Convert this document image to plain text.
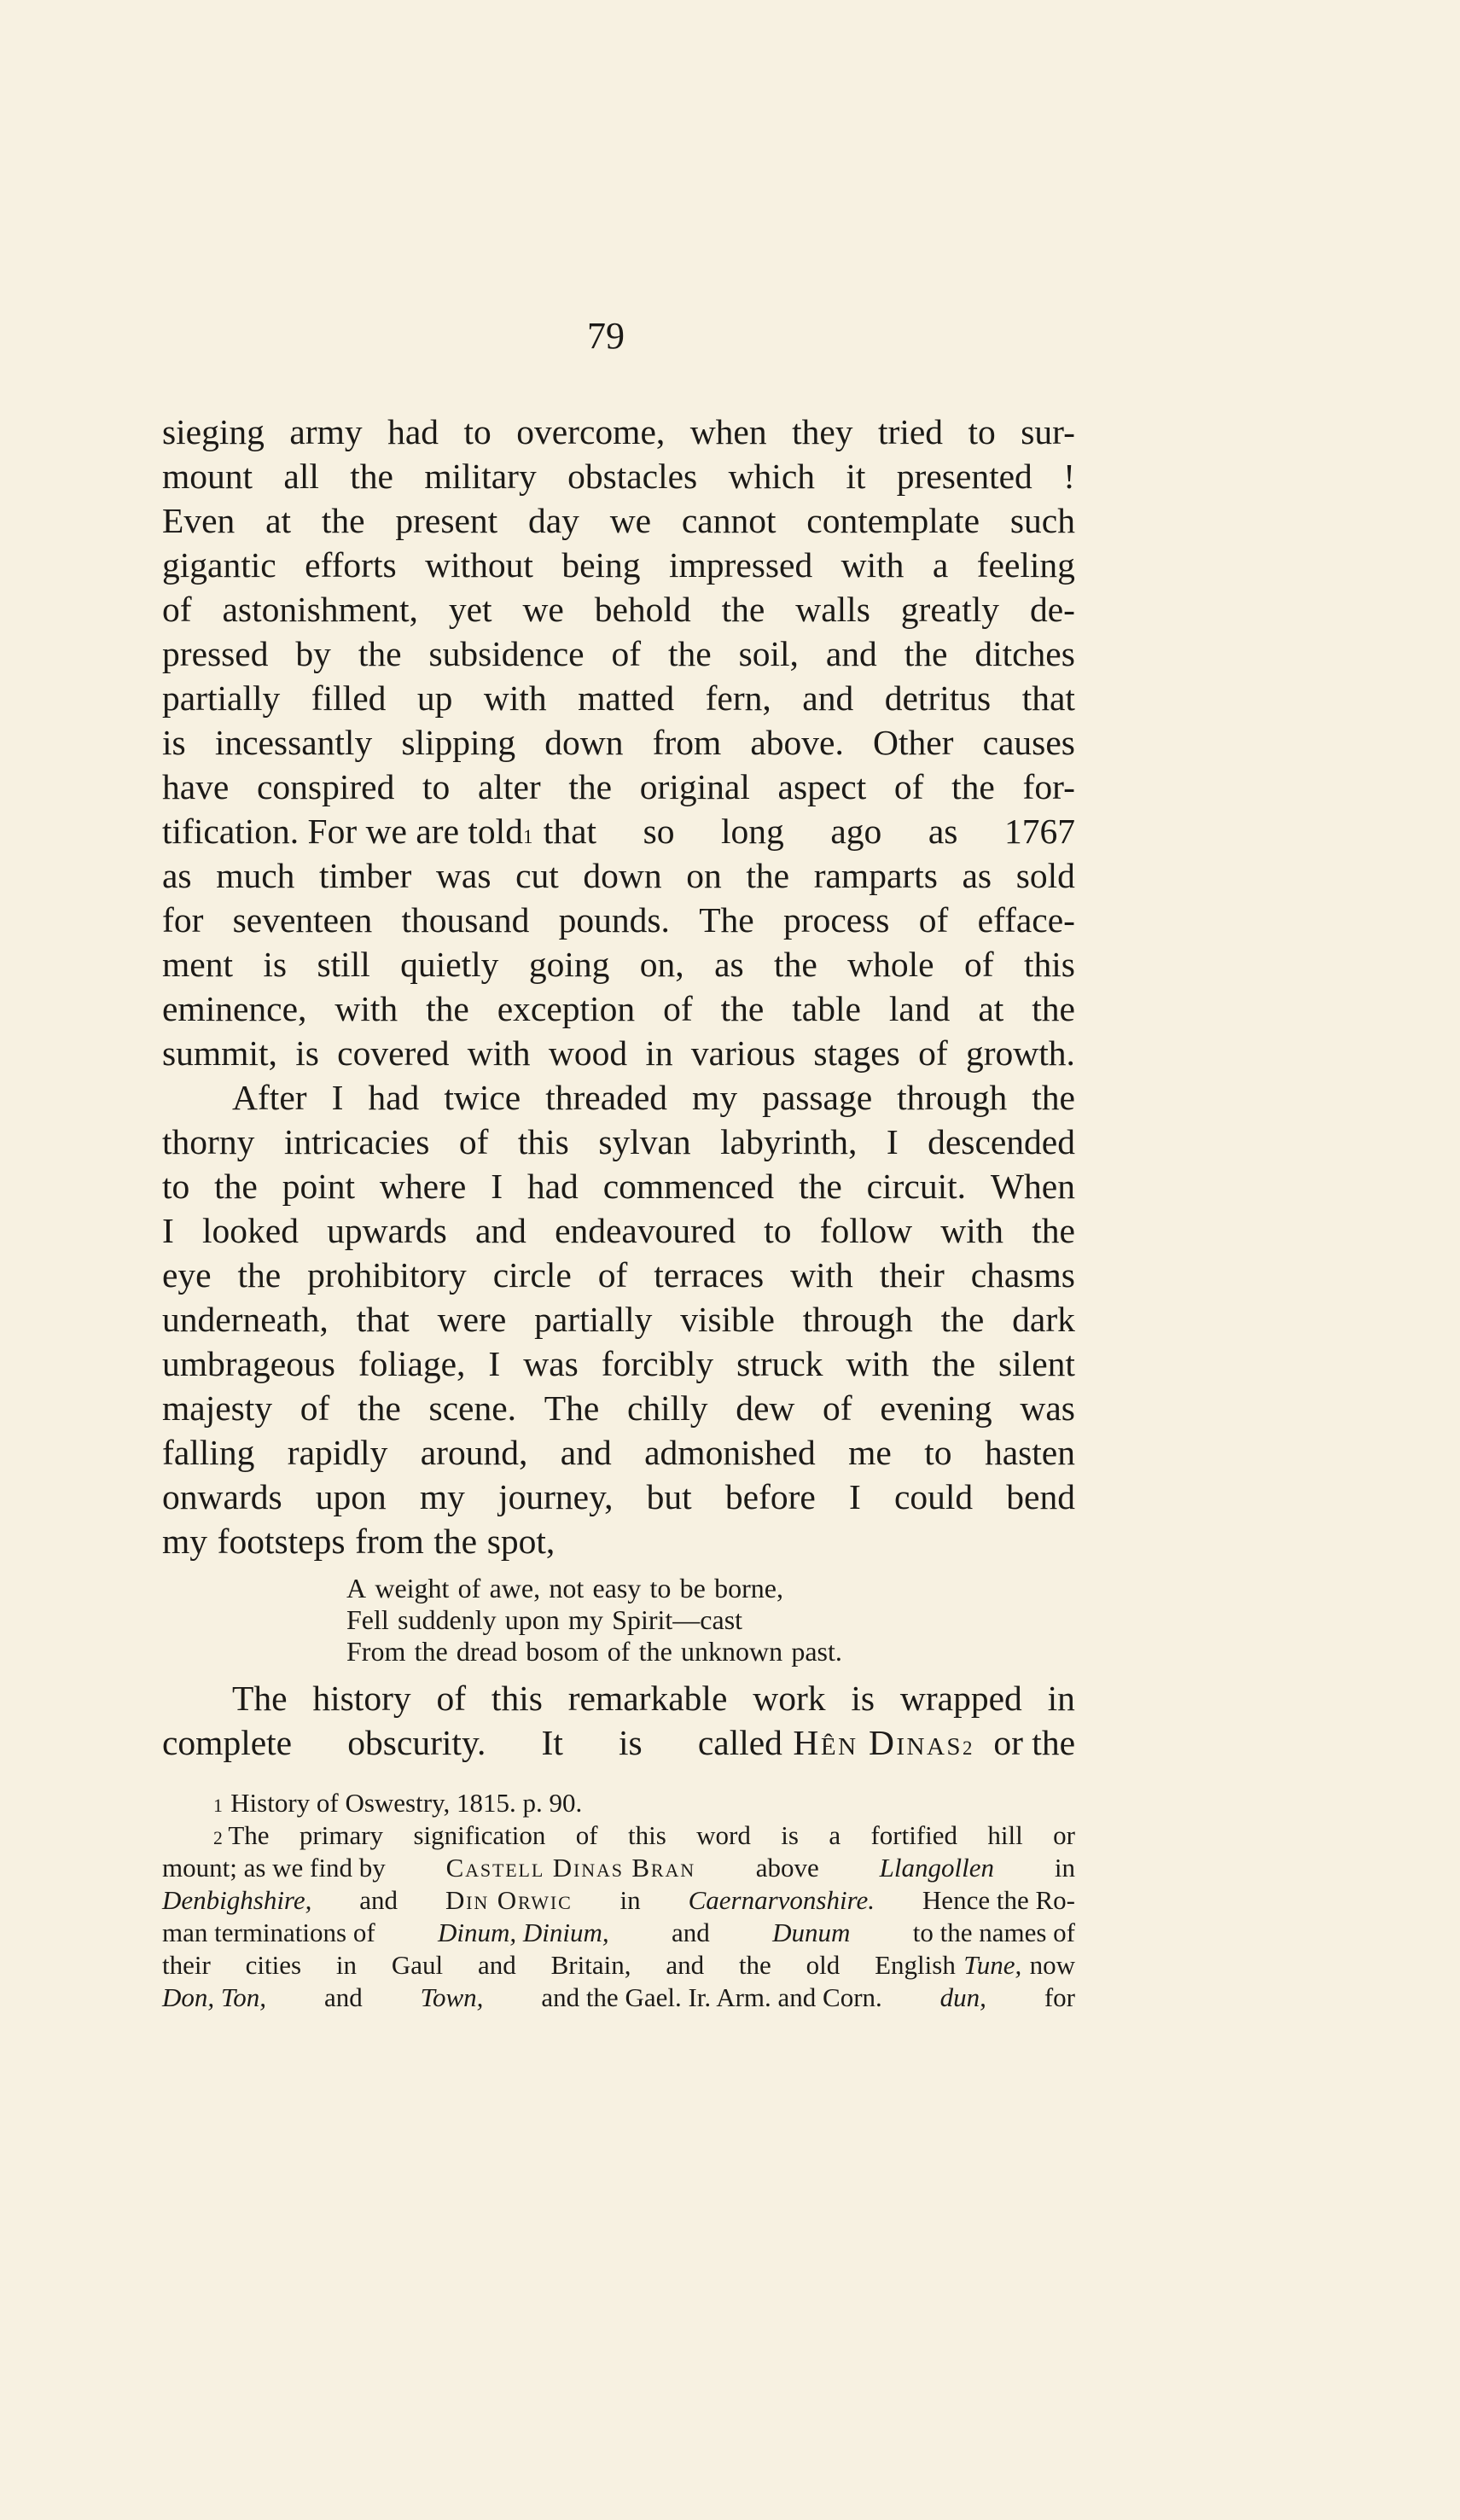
79
sieging army had to overcome, when they tried to sur-
mount all the military obstacles which it presented !
Even at the present day we cannot contemplate such
gigantic efforts without being impressed with a feeling
of astonishment, yet we behold the walls greatly de-
pressed by the subsidence of the soil, and the ditches
partially filled up with matted fern, and detritus that
is incessantly slipping down from above. Other causes
have conspired to alter the original aspect of the for-
tification. For we are told 1 that so long ago as 1767
as much timber was cut down on the ramparts as sold
for seventeen thousand pounds. The process of efface-
ment is still quietly going on, as the whole of this
eminence, with the exception of the table land at the
summit, is covered with wood in various stages of growth.
After I had twice threaded my passage through the
thorny intricacies of this sylvan labyrinth, I descended
to the point where I had commenced the circuit. When
I looked upwards and endeavoured to follow with the
eye the prohibitory circle of terraces with their chasms
underneath, that were partially visible through the dark
umbrageous foliage, I was forcibly struck with the silent
majesty of the scene. The chilly dew of evening was
falling rapidly around, and admonished me to hasten
onwards upon my journey, but before I could bend
my footsteps from the spot,
A weight of awe, not easy to be borne,
Fell suddenly upon my Spirit—cast
From the dread bosom of the unknown past.
The history of this remarkable work is wrapped in
complete obscurity. It is called Hên Dinas 2 or the
1 History of Oswestry, 1815. p. 90.
2 The primary signification of this word is a fortified hill or
mount; as we find by Castell Dinas Bran above Llangollen in
Denbighshire, and Din Orwic in Caernarvonshire. Hence the Ro-
man terminations of Dinum, Dinium, and Dunum to the names of
their cities in Gaul and Britain, and the old English Tune, now
Don, Ton, and Town, and the Gael. Ir. Arm. and Corn. dun, for
